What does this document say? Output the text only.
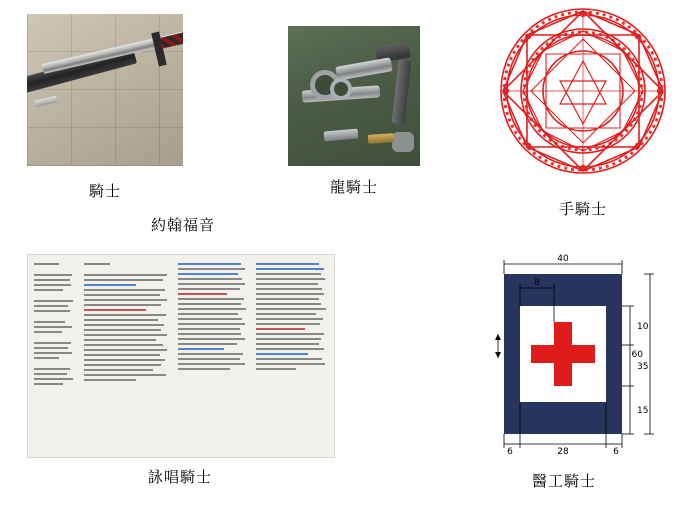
騎士	龍騎士
手騎士
約翰福音
詠唱騎士
40
8
10
35
15
60
6	28	6
醫工騎士
